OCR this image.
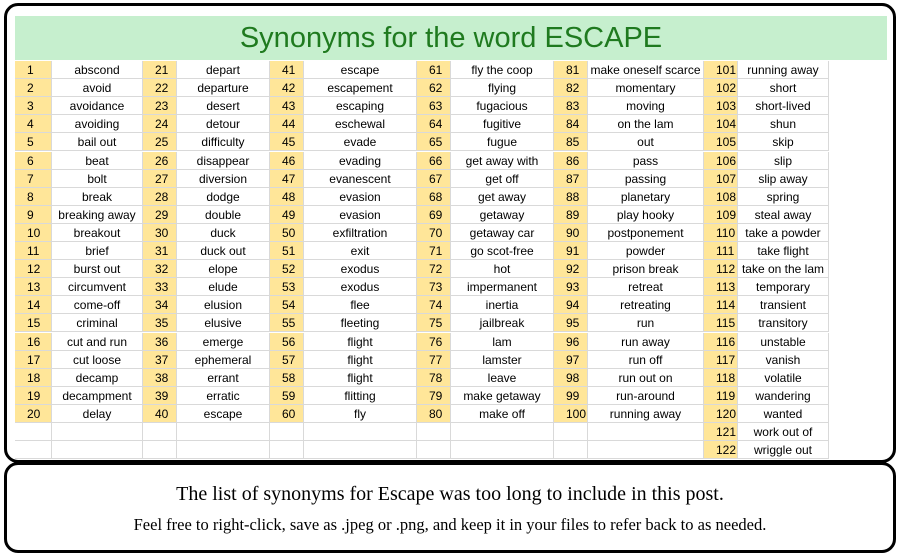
Synonyms for the word ESCAPE
1	abscond
2	avoid
3	avoidance
4	avoiding
5	bail out
6	beat
7	bolt
8	break
9	breaking away
10	breakout
11	brief
12	burst out
13	circumvent
14	come-off
15	criminal
16	cut and run
17	cut loose
18	decamp
19	decampment
20	delay
21	depart
22	departure
23	desert
24	detour
25	difficulty
26	disappear
27	diversion
28	dodge
29	double
30	duck
31	duck out
32	elope
33	elude
34	elusion
35	elusive
36	emerge
37	ephemeral
38	errant
39	erratic
40	escape
41	escape
42	escapement
43	escaping
44	eschewal
45	evade
46	evading
47	evanescent
48	evasion
49	evasion
50	exfiltration
51	exit
52	exodus
53	exodus
54	flee
55	fleeting
56	flight
57	flight
58	flight
59	flitting
60	fly
61	fly the coop
62	flying
63	fugacious
64	fugitive
65	fugue
66	get away with
67	get off
68	get away
69	getaway
70	getaway car
71	go scot-free
72	hot
73	impermanent
74	inertia
75	jailbreak
76	lam
77	lamster
78	leave
79	make getaway
80	make off
81 make oneself scarce
82	momentary
83	moving
84	on the lam
85	out
86	pass
87	passing
88	planetary
89	play hooky
90	postponement
91	powder
92	prison break
93	retreat
94	retreating
95	run
96	run away
97	run off
98	run out on
99	run-around
100	running away
101 running away
102	short
103	short-lived
104	shun
105	skip
106	slip
107	slip away
108	spring
109	steal away
110 take a powder
111	take flight
112 take on the lam
113	temporary
114	transient
115	transitory
116	unstable
117	vanish
118	volatile
119	wandering
120	wanted
121	work out of
122	wriggle out
The list of synonyms for Escape was too long to include in this post.
Feel free to right-click, save as .jpeg or .png, and keep it in your files to refer back to as needed.
